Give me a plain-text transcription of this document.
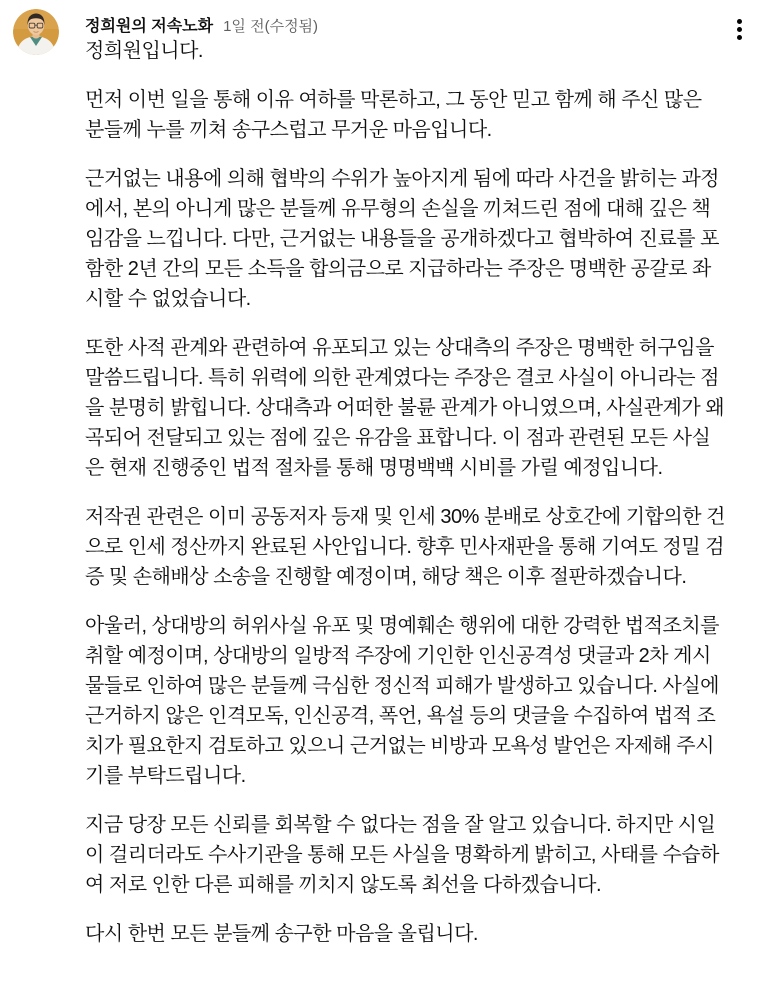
정희원의 저속노화 1일 전(수정됨)

정희원입니다.

먼저 이번 일을 통해 이유 여하를 막론하고, 그 동안 믿고 함께 해 주신 많은 분들께 누를 끼쳐 송구스럽고 무거운 마음입니다.

근거없는 내용에 의해 협박의 수위가 높아지게 됨에 따라 사건을 밝히는 과정에서, 본의 아니게 많은 분들께 유무형의 손실을 끼쳐드린 점에 대해 깊은 책임감을 느낍니다. 다만, 근거없는 내용들을 공개하겠다고 협박하여 진료를 포함한 2년 간의 모든 소득을 합의금으로 지급하라는 주장은 명백한 공갈로 좌시할 수 없었습니다.

또한 사적 관계와 관련하여 유포되고 있는 상대측의 주장은 명백한 허구임을 말씀드립니다. 특히 위력에 의한 관계였다는 주장은 결코 사실이 아니라는 점을 분명히 밝힙니다. 상대측과 어떠한 불륜 관계가 아니였으며, 사실관계가 왜곡되어 전달되고 있는 점에 깊은 유감을 표합니다. 이 점과 관련된 모든 사실은 현재 진행중인 법적 절차를 통해 명명백백 시비를 가릴 예정입니다.

저작권 관련은 이미 공동저자 등재 및 인세 30% 분배로 상호간에 기합의한 건으로 인세 정산까지 완료된 사안입니다. 향후 민사재판을 통해 기여도 정밀 검증 및 손해배상 소송을 진행할 예정이며, 해당 책은 이후 절판하겠습니다.

아울러, 상대방의 허위사실 유포 및 명예훼손 행위에 대한 강력한 법적조치를 취할 예정이며, 상대방의 일방적 주장에 기인한 인신공격성 댓글과 2차 게시물들로 인하여 많은 분들께 극심한 정신적 피해가 발생하고 있습니다. 사실에 근거하지 않은 인격모독, 인신공격, 폭언, 욕설 등의 댓글을 수집하여 법적 조치가 필요한지 검토하고 있으니 근거없는 비방과 모욕성 발언은 자제해 주시기를 부탁드립니다.

지금 당장 모든 신뢰를 회복할 수 없다는 점을 잘 알고 있습니다. 하지만 시일이 걸리더라도 수사기관을 통해 모든 사실을 명확하게 밝히고, 사태를 수습하여 저로 인한 다른 피해를 끼치지 않도록 최선을 다하겠습니다.

다시 한번 모든 분들께 송구한 마음을 올립니다.
